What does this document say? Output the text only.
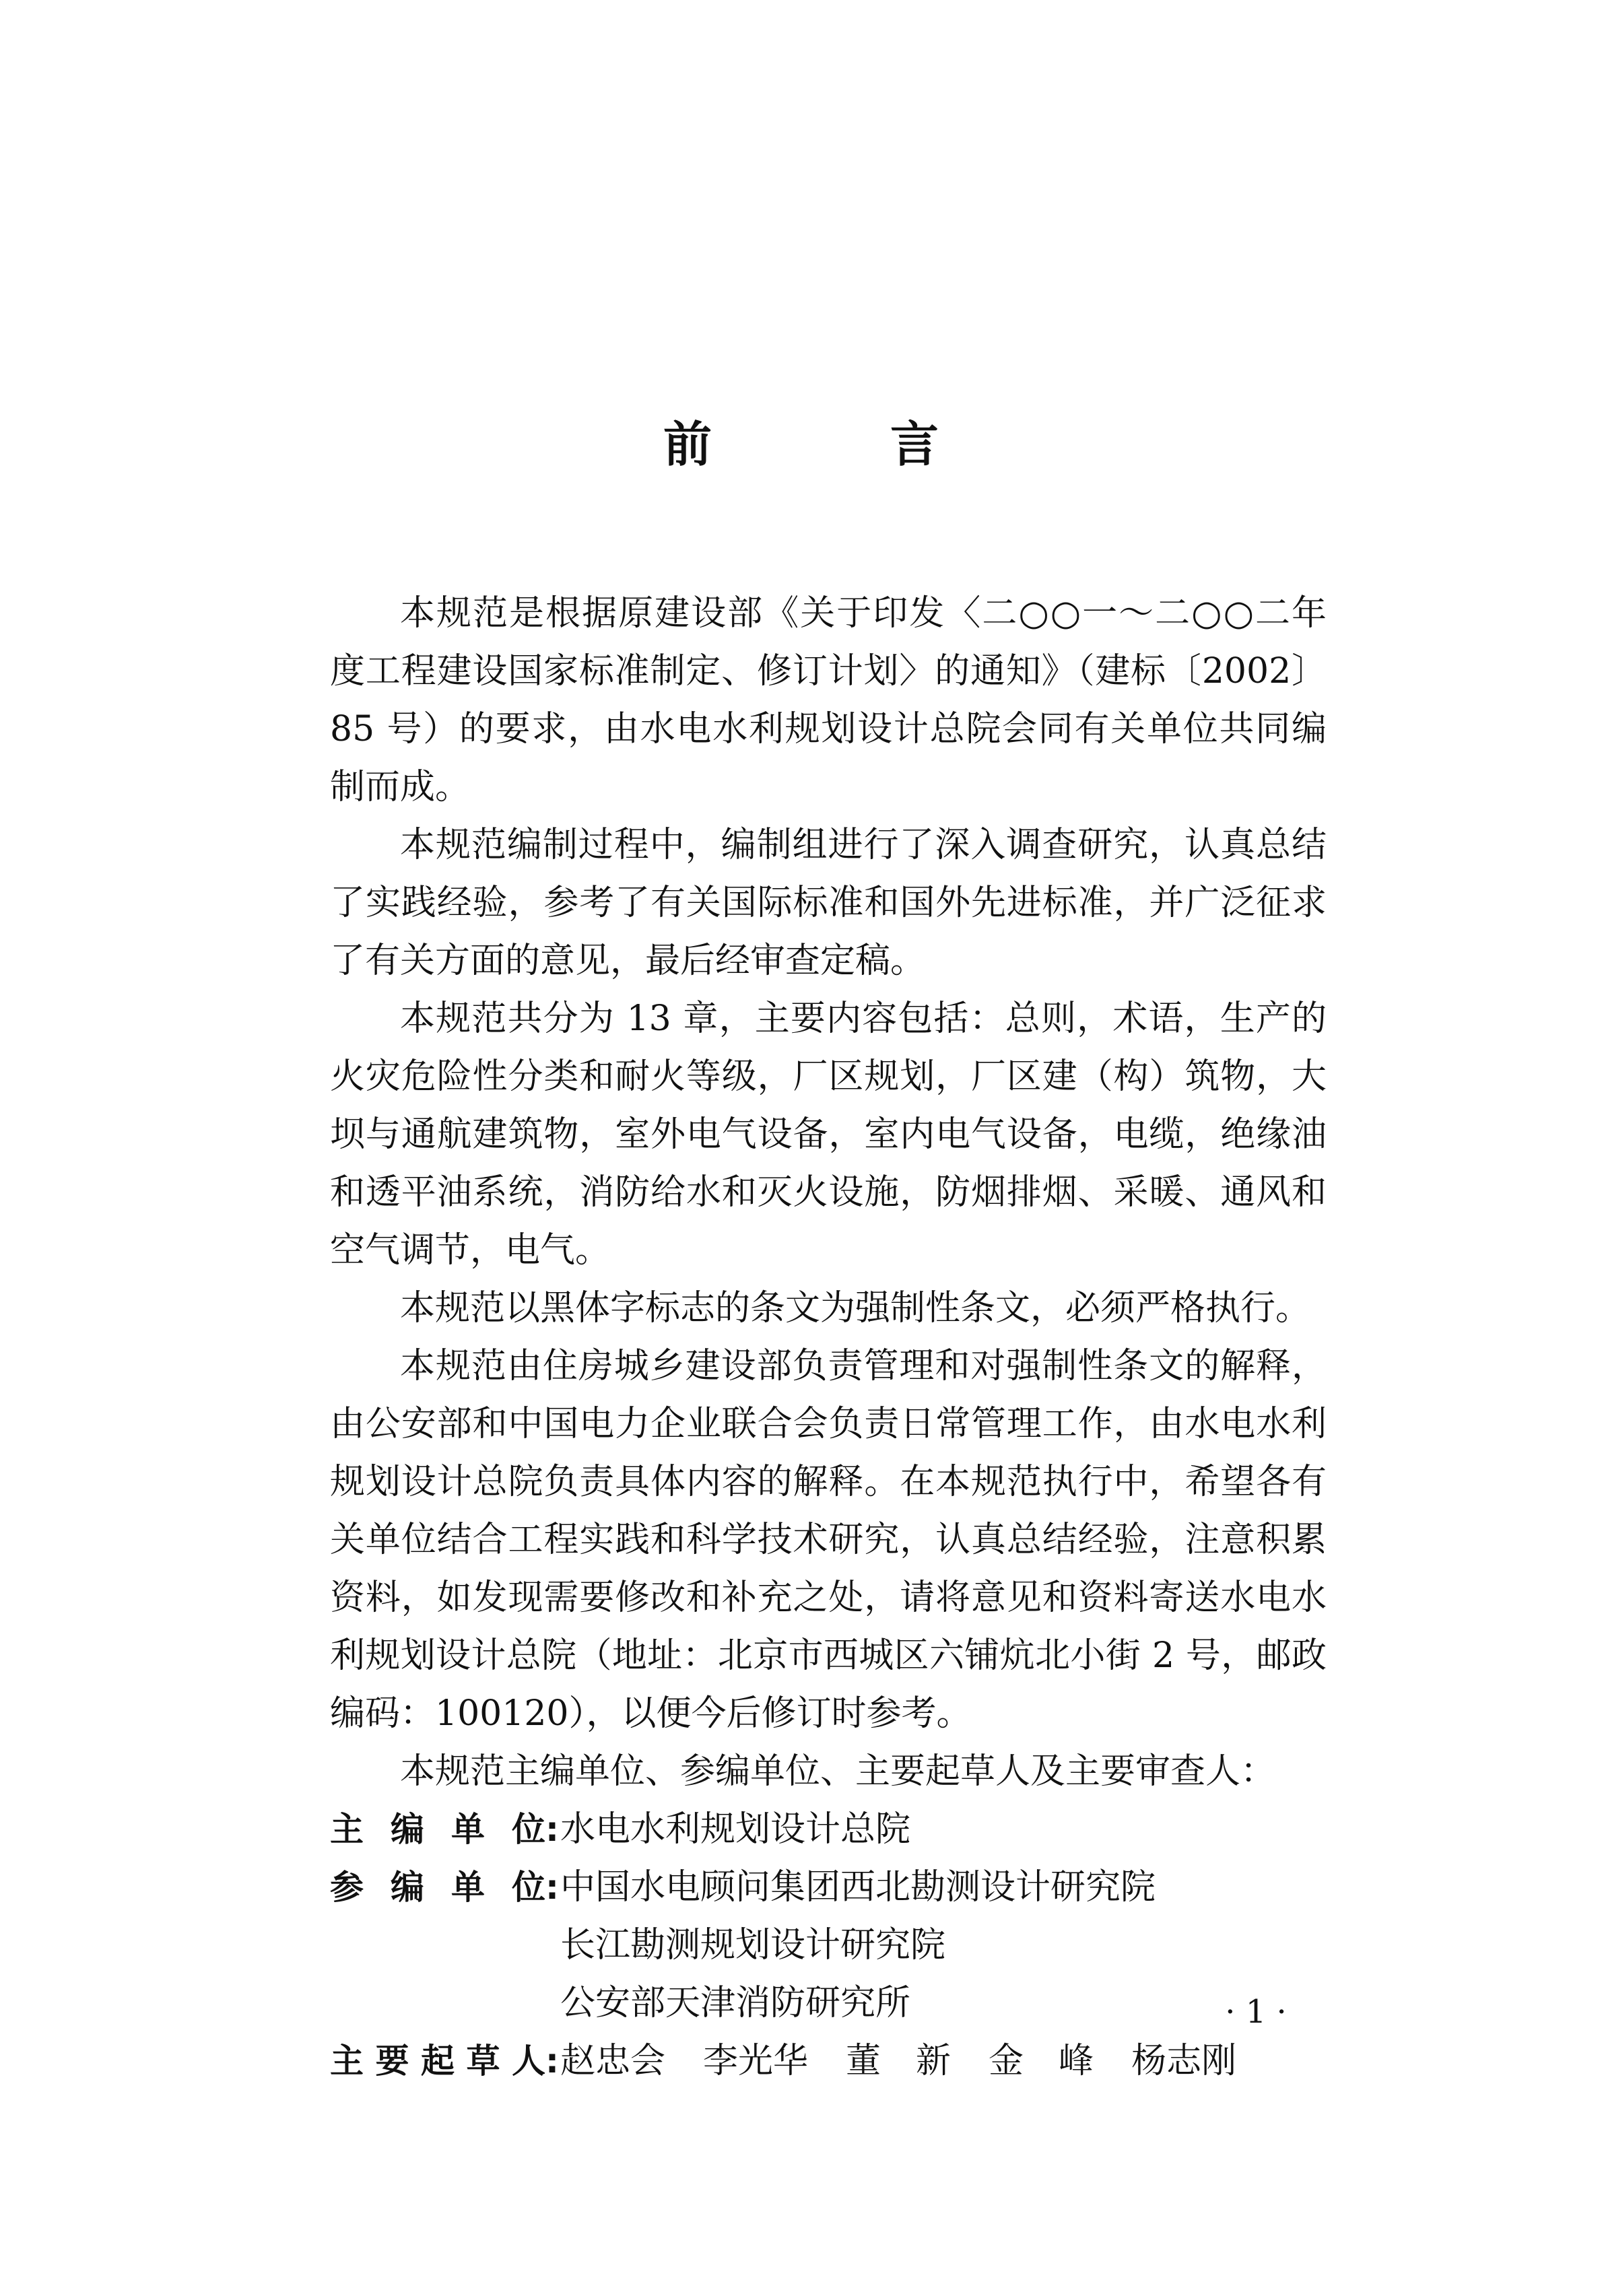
前 言

本规范是根据原建设部《关于印发〈二○○一～二○○二年度工程建设国家标准制定、修订计划〉的通知》（建标〔2002〕85 号）的要求，由水电水利规划设计总院会同有关单位共同编制而成。

本规范编制过程中，编制组进行了深入调查研究，认真总结了实践经验，参考了有关国际标准和国外先进标准，并广泛征求了有关方面的意见，最后经审查定稿。

本规范共分为 13 章，主要内容包括：总则，术语，生产的火灾危险性分类和耐火等级，厂区规划，厂区建（构）筑物，大坝与通航建筑物，室外电气设备，室内电气设备，电缆，绝缘油和透平油系统，消防给水和灭火设施，防烟排烟、采暖、通风和空气调节，电气。

本规范以黑体字标志的条文为强制性条文，必须严格执行。

本规范由住房城乡建设部负责管理和对强制性条文的解释，由公安部和中国电力企业联合会负责日常管理工作，由水电水利规划设计总院负责具体内容的解释。在本规范执行中，希望各有关单位结合工程实践和科学技术研究，认真总结经验，注意积累资料，如发现需要修改和补充之处，请将意见和资料寄送水电水利规划设计总院（地址：北京市西城区六铺炕北小街 2 号，邮政编码：100120），以便今后修订时参考。

本规范主编单位、参编单位、主要起草人及主要审查人：

主编单位 : 水电水利规划设计总院
参编单位 : 中国水电顾问集团西北勘测设计研究院
长江勘测规划设计研究院
公安部天津消防研究所
主要起草人 : 赵忠会 李光华 董　新 金　峰 杨志刚
· 1 ·
